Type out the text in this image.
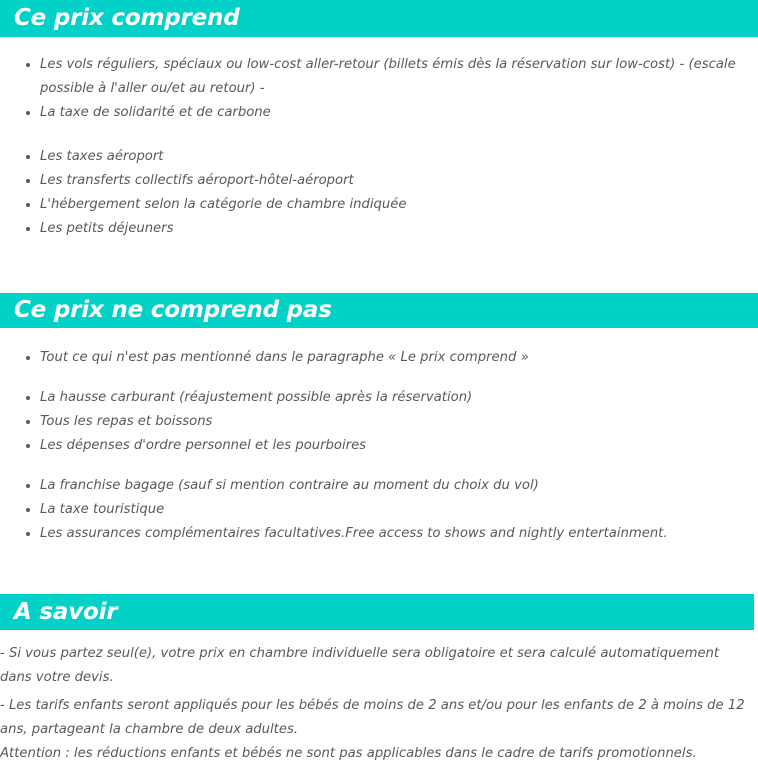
Ce prix comprend
Les vols réguliers, spéciaux ou low-cost aller-retour (billets émis dès la réservation sur low-cost) - (escale possible à l'aller ou/et au retour) -
La taxe de solidarité et de carbone
Les taxes aéroport
Les transferts collectifs aéroport-hôtel-aéroport
L'hébergement selon la catégorie de chambre indiquée
Les petits déjeuners
Ce prix ne comprend pas
Tout ce qui n'est pas mentionné dans le paragraphe « Le prix comprend »
La hausse carburant (réajustement possible après la réservation)
Tous les repas et boissons
Les dépenses d'ordre personnel et les pourboires
La franchise bagage (sauf si mention contraire au moment du choix du vol)
La taxe touristique
Les assurances complémentaires facultatives.Free access to shows and nightly entertainment.
A savoir

- Si vous partez seul(e), votre prix en chambre individuelle sera obligatoire et sera calculé automatiquement dans votre devis.

- Les tarifs enfants seront appliqués pour les bébés de moins de 2 ans et/ou pour les enfants de 2 à moins de 12 ans, partageant la chambre de deux adultes.

Attention : les réductions enfants et bébés ne sont pas applicables dans le cadre de tarifs promotionnels.
